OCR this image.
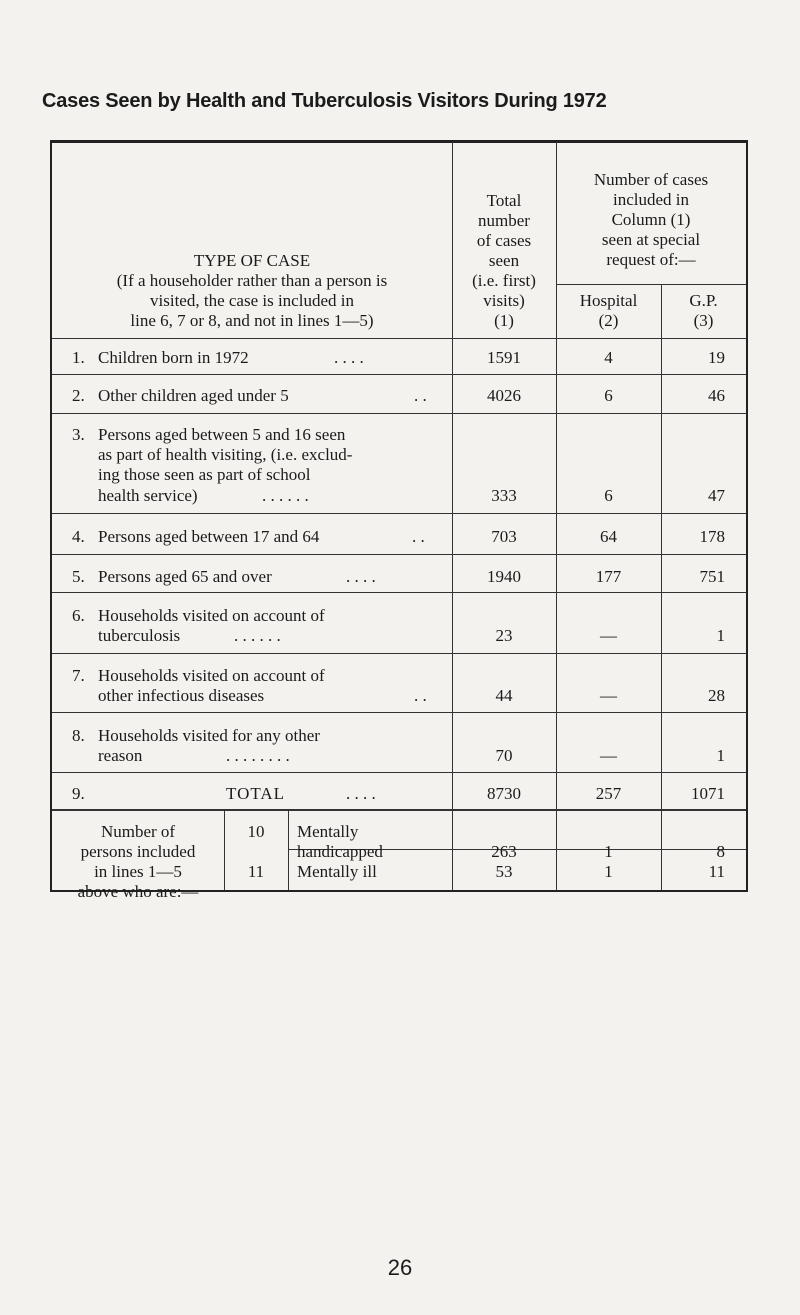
Cases Seen by Health and Tuberculosis Visitors During 1972
TYPE OF CASE
(If a householder rather than a person is
visited, the case is included in
line 6, 7 or 8, and not in lines 1—5)
Total
number
of cases
seen
(i.e. first)
visits)
(1)
Number of cases
included in
Column (1)
seen at special
request of:—
Hospital
(2)
G.P.
(3)
1. Children born in 1972	. . . .	1591	4	19
2. Other children aged under 5	. .	4026	6	46
3. Persons aged between 5 and 16 seen
as part of health visiting, (i.e. exclud-
ing those seen as part of school
health service)	. . . . . .	333	6	47
4. Persons aged between 17 and 64	. .	703	64	178
5. Persons aged 65 and over	. . . .	1940	177	751
6. Households visited on account of
tuberculosis	. . . . . .	23	—	1
7. Households visited on account of
other infectious diseases	. .	44	—	28
8. Households visited for any other
reason	. . . . . . . .	70	—	1
9.	TOTAL	. . . .	8730	257	1071
Number of
persons included
in lines 1—5
above who are:—
10	Mentally
handicapped	263	1	8
11	Mentally ill	53	1	11
26
